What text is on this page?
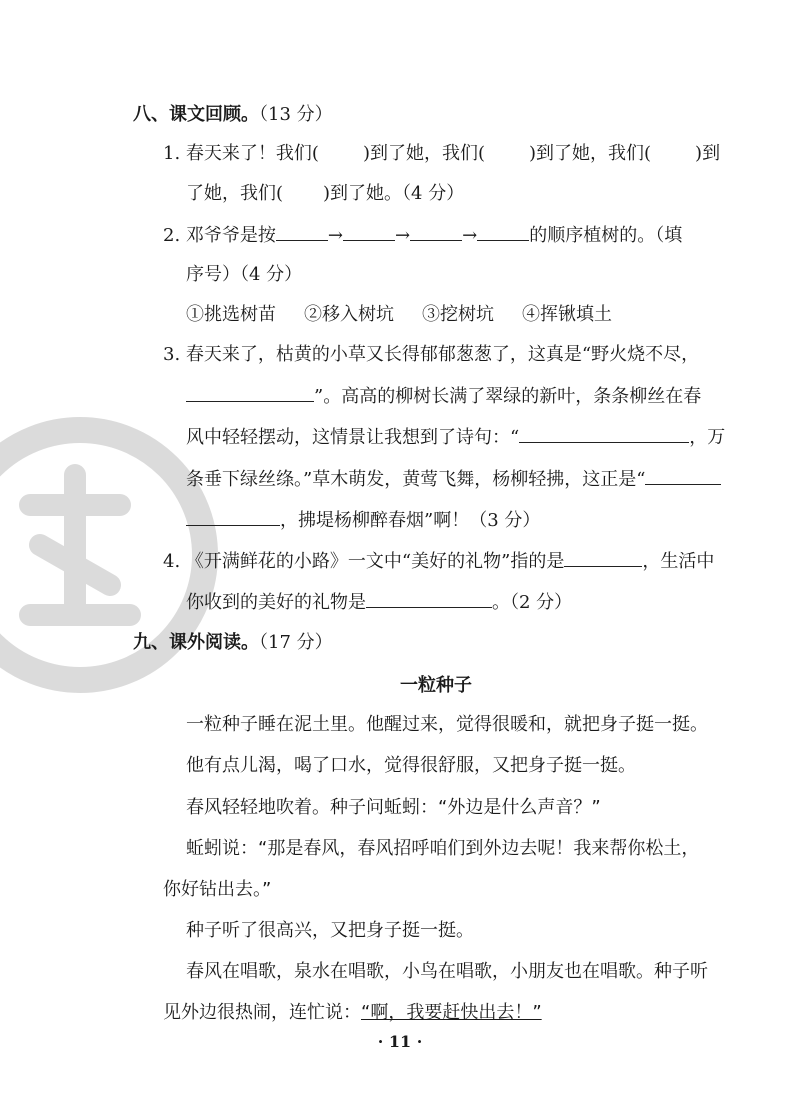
八、课文回顾。（13 分）
1. 春天来了！我们( )到了她，我们( )到了她，我们( )到
了她，我们( )到了她。（4 分）
2. 邓爷爷是按	→	→	→	的顺序植树的。（填
序号）（4 分）
①挑选树苗 ②移入树坑 ③挖树坑 ④挥锹填土
3. 春天来了，枯黄的小草又长得郁郁葱葱了，这真是“野火烧不尽，
”。高高的柳树长满了翠绿的新叶，条条柳丝在春
风中轻轻摆动，这情景让我想到了诗句：“	，万
条垂下绿丝绦。”草木萌发，黄莺飞舞，杨柳轻拂，这正是“
，拂堤杨柳醉春烟”啊！（3 分）
4. 《开满鲜花的小路》一文中“美好的礼物”指的是	，生活中
你收到的美好的礼物是	。（2 分）
九、课外阅读。（17 分）
一粒种子
一粒种子睡在泥土里。他醒过来，觉得很暖和，就把身子挺一挺。
他有点儿渴，喝了口水，觉得很舒服，又把身子挺一挺。
春风轻轻地吹着。种子问蚯蚓：“外边是什么声音？”
蚯蚓说：“那是春风，春风招呼咱们到外边去呢！我来帮你松土，
你好钻出去。”
种子听了很高兴，又把身子挺一挺。
春风在唱歌，泉水在唱歌，小鸟在唱歌，小朋友也在唱歌。种子听
见外边很热闹，连忙说：“啊，我要赶快出去！”
· 11 ·
